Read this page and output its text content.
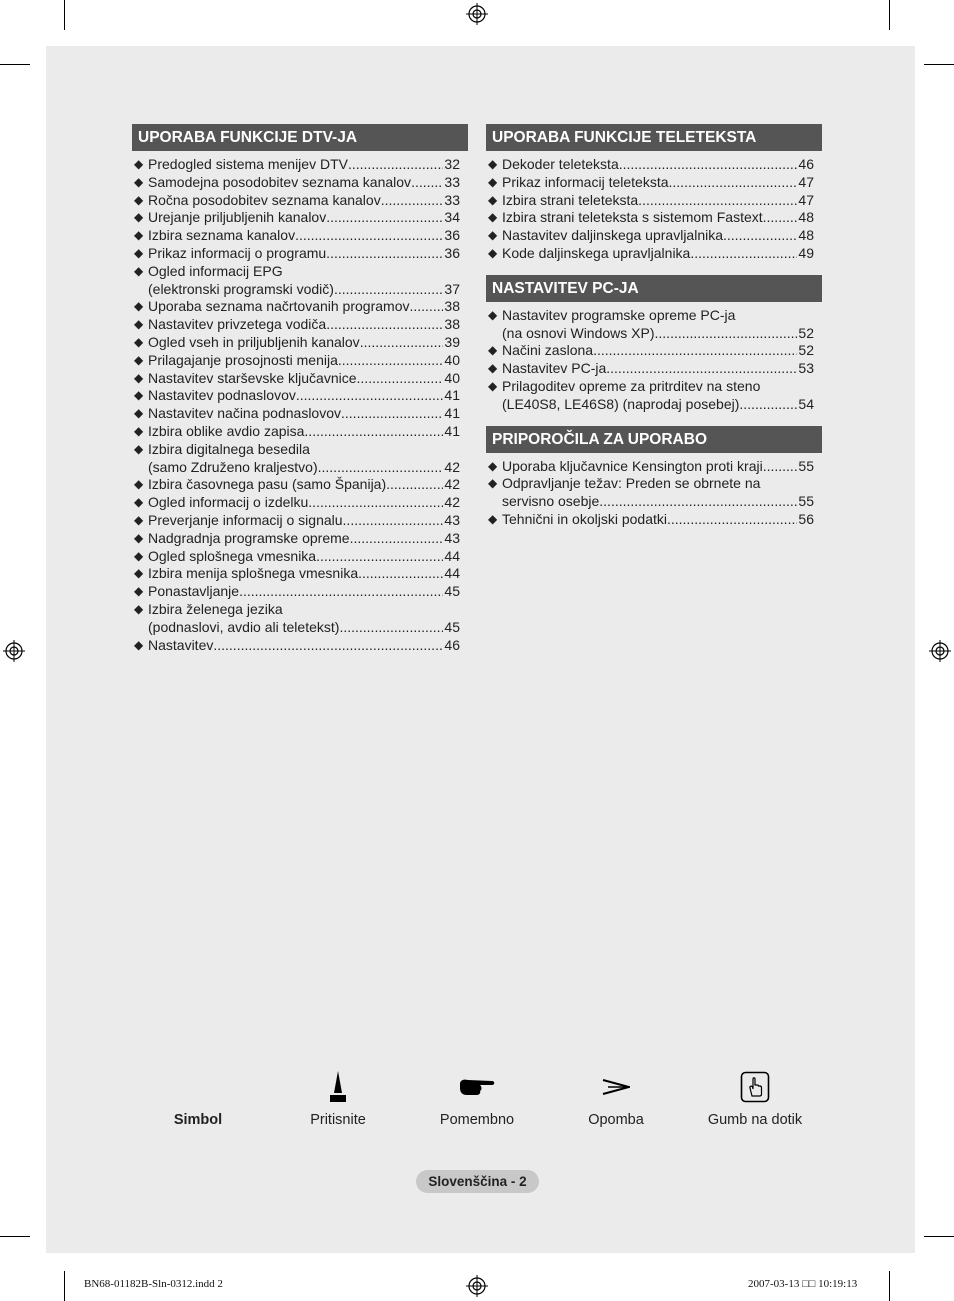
UPORABA FUNKCIJE DTV-JA
◆ Predogled sistema menijev DTV .....	32
◆ Samodejna posodobitev seznama kanalov ..... 33
◆ Ročna posodobitev seznama kanalov .....	33
◆ Urejanje priljubljenih kanalov .....	34
◆ Izbira seznama kanalov .....	36
◆ Prikaz informacij o programu .....	36
◆ Ogled informacij EPG
(elektronski programski vodič) .....	37
◆ Uporaba seznama načrtovanih programov ..... 38
◆ Nastavitev privzetega vodiča .....	38
◆ Ogled vseh in priljubljenih kanalov .....	39
◆ Prilagajanje prosojnosti menija .....	40
◆ Nastavitev starševske ključavnice .....	40
◆ Nastavitev podnaslovov .....	41
◆ Nastavitev načina podnaslovov .....	41
◆ Izbira oblike avdio zapisa .....	41
◆ Izbira digitalnega besedila
(samo Združeno kraljestvo) .....	42
◆ Izbira časovnega pasu (samo Španija) .....	42
◆ Ogled informacij o izdelku .....	42
◆ Preverjanje informacij o signalu .....	43
◆ Nadgradnja programske opreme .....	43
◆ Ogled splošnega vmesnika .....	44
◆ Izbira menija splošnega vmesnika .....	44
◆ Ponastavljanje .....	45
◆ Izbira želenega jezika
(podnaslovi, avdio ali teletekst) .....	45
◆ Nastavitev .....	46
UPORABA FUNKCIJE TELETEKSTA
◆ Dekoder teleteksta .....	46
◆ Prikaz informacij teleteksta .....	47
◆ Izbira strani teleteksta .....	47
◆ Izbira strani teleteksta s sistemom Fastext .....	48
◆ Nastavitev daljinskega upravljalnika .....	48
◆ Kode daljinskega upravljalnika .....	49
NASTAVITEV PC-JA
◆ Nastavitev programske opreme PC-ja
(na osnovi Windows XP) .....	52
◆ Načini zaslona .....	52
◆ Nastavitev PC-ja .....	53
◆ Prilagoditev opreme za pritrditev na steno
(LE40S8, LE46S8) (naprodaj posebej) .....	54
PRIPOROČILA ZA UPORABO
◆ Uporaba ključavnice Kensington proti kraji .....	55
◆ Odpravljanje težav: Preden se obrnete na
servisno osebje .....	55
◆ Tehnični in okoljski podatki .....	56
Simbol	Pritisnite	Pomembno	Opomba	Gumb na dotik
Slovenščina - 2
BN68-01182B-Sln-0312.indd 2	2007-03-13 □□ 10:19:13
